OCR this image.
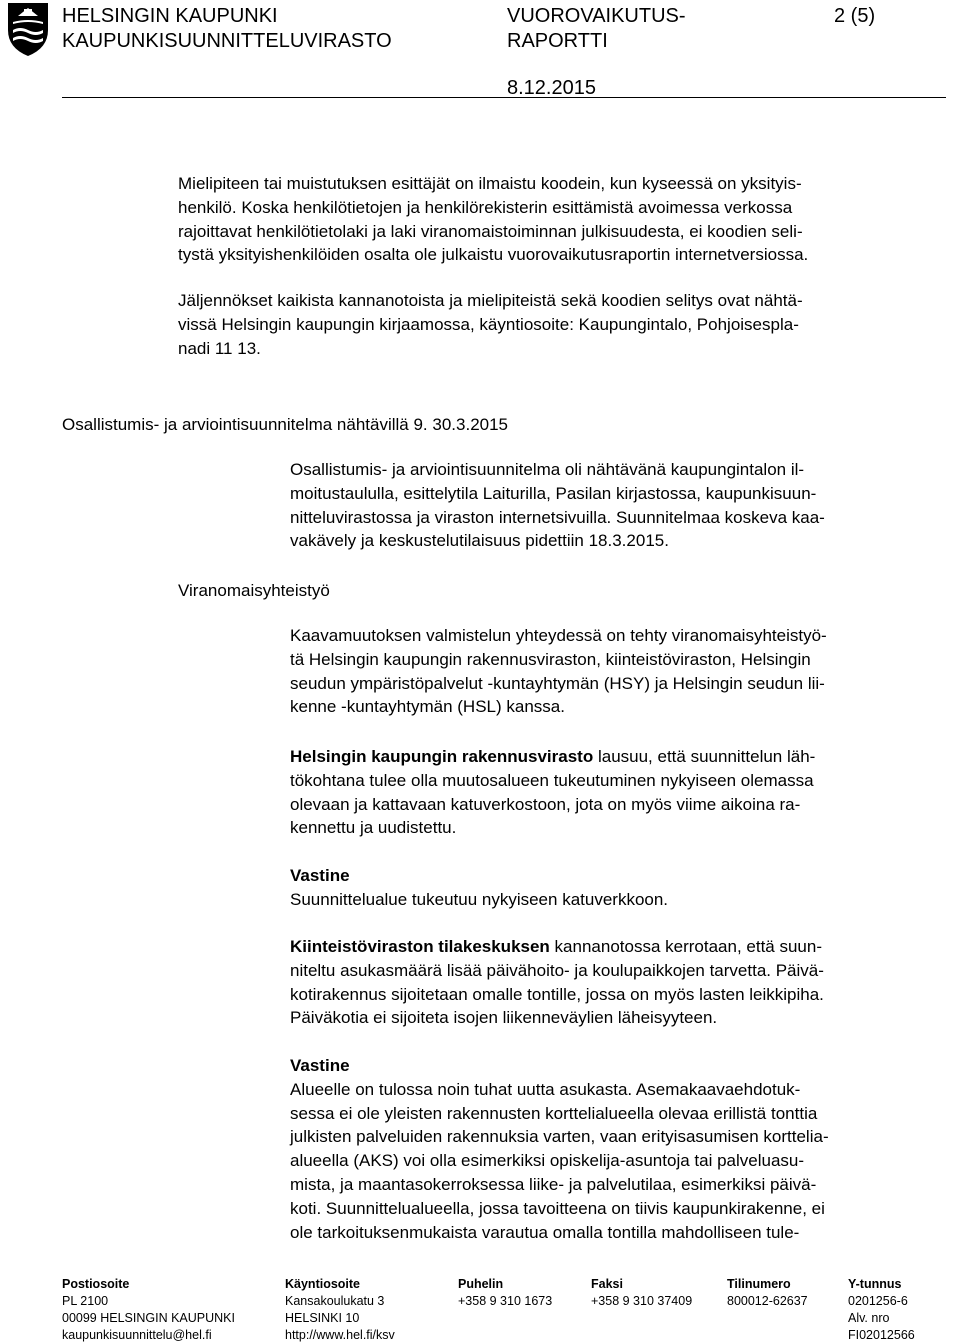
HELSINGIN KAUPUNKI
KAUPUNKISUUNNITTELUVIRASTO
VUOROVAIKUTUS-
RAPORTTI
2 (5)
8.12.2015
Mielipiteen tai muistutuksen esittäjät on ilmaistu koodein, kun kyseessä on yksityis-
henkilö. Koska henkilötietojen ja henkilörekisterin esittämistä avoimessa verkossa
rajoittavat henkilötietolaki ja laki viranomaistoiminnan julkisuudesta, ei koodien seli-
tystä yksityishenkilöiden osalta ole julkaistu vuorovaikutusraportin internetversiossa.
Jäljennökset kaikista kannanotoista ja mielipiteistä sekä koodien selitys ovat nähtä-
vissä Helsingin kaupungin kirjaamossa, käyntiosoite: Kaupungintalo, Pohjoisespla-
nadi 11 13.
Osallistumis- ja arviointisuunnitelma nähtävillä 9. 30.3.2015
Osallistumis- ja arviointisuunnitelma oli nähtävänä kaupungintalon il-
moitustaululla, esittelytila Laiturilla, Pasilan kirjastossa, kaupunkisuun-
nitteluvirastossa ja viraston internetsivuilla. Suunnitelmaa koskeva kaa-
vakävely ja keskustelutilaisuus pidettiin 18.3.2015.
Viranomaisyhteistyö
Kaavamuutoksen valmistelun yhteydessä on tehty viranomaisyhteistyö-
tä Helsingin kaupungin rakennusviraston, kiinteistöviraston, Helsingin
seudun ympäristöpalvelut -kuntayhtymän (HSY) ja Helsingin seudun lii-
kenne -kuntayhtymän (HSL) kanssa.
Helsingin kaupungin rakennusvirasto lausuu, että suunnittelun läh-
tökohtana tulee olla muutosalueen tukeutuminen nykyiseen olemassa
olevaan ja kattavaan katuverkostoon, jota on myös viime aikoina ra-
kennettu ja uudistettu.
Vastine
Suunnittelualue tukeutuu nykyiseen katuverkkoon.
Kiinteistöviraston tilakeskuksen kannanotossa kerrotaan, että suun-
niteltu asukasmäärä lisää päivähoito- ja koulupaikkojen tarvetta. Päivä-
kotirakennus sijoitetaan omalle tontille, jossa on myös lasten leikkipiha.
Päiväkotia ei sijoiteta isojen liikenneväylien läheisyyteen.
Vastine
Alueelle on tulossa noin tuhat uutta asukasta. Asemakaavaehdotuk-
sessa ei ole yleisten rakennusten korttelialueella olevaa erillistä tonttia
julkisten palveluiden rakennuksia varten, vaan erityisasumisen korttelia-
alueella (AKS) voi olla esimerkiksi opiskelija-asuntoja tai palveluasu-
mista, ja maantasokerroksessa liike- ja palvelutilaa, esimerkiksi päivä-
koti. Suunnittelualueella, jossa tavoitteena on tiivis kaupunkirakenne, ei
ole tarkoituksenmukaista varautua omalla tontilla mahdolliseen tule-
Postiosoite
PL 2100
00099 HELSINGIN KAUPUNKI
kaupunkisuunnittelu@hel.fi
Käyntiosoite
Kansakoulukatu 3
HELSINKI 10
http://www.hel.fi/ksv
Puhelin
+358 9 310 1673
Faksi
+358 9 310 37409
Tilinumero
800012-62637
Y-tunnus
0201256-6
Alv. nro
FI02012566
